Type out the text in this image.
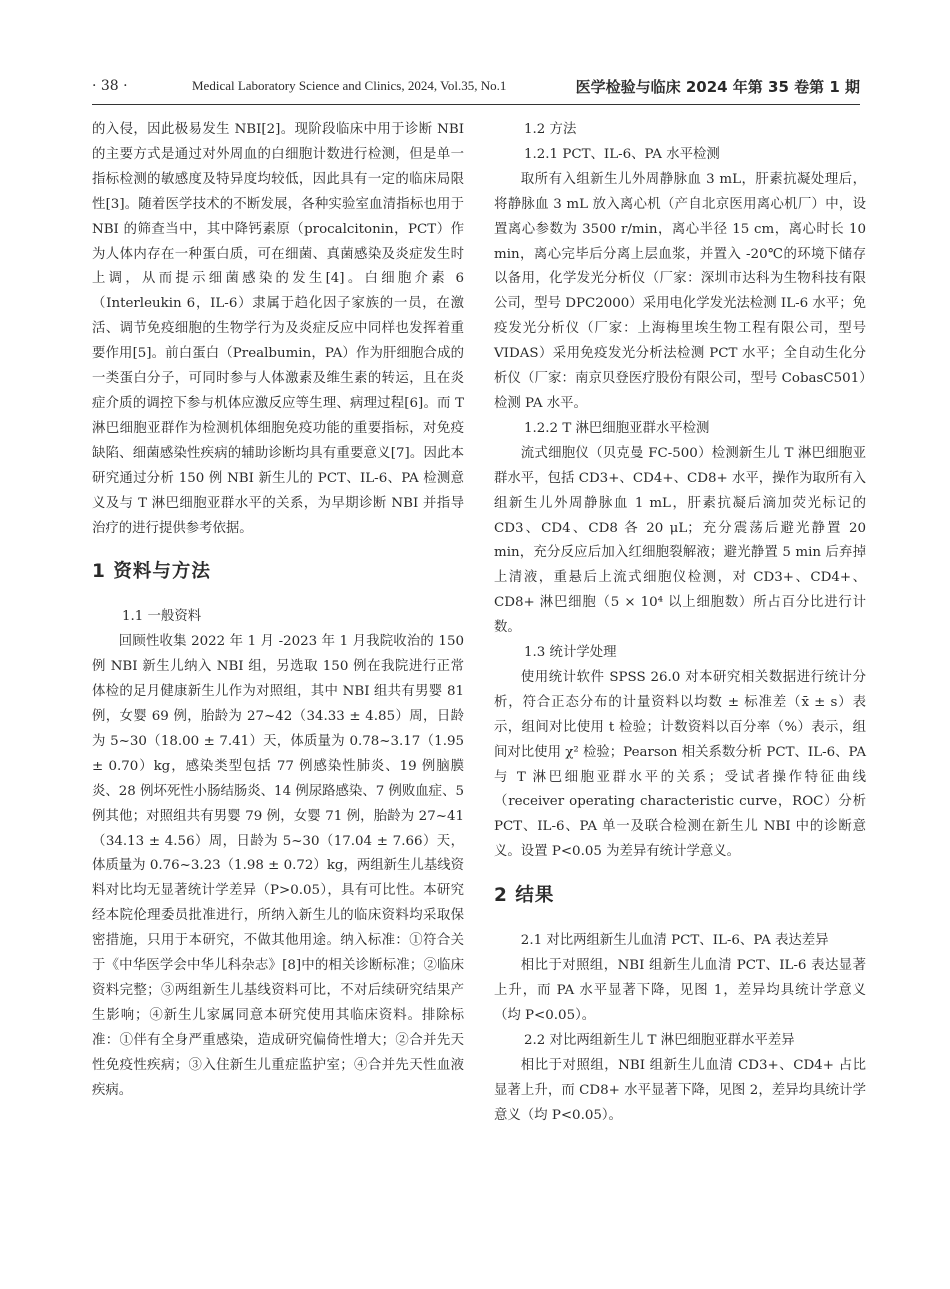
· 38 ·	Medical Laboratory Science and Clinics, 2024, Vol.35, No.1	医学检验与临床 2024 年第 35 卷第 1 期

的入侵，因此极易发生 NBI[2]。现阶段临床中用于诊断 NBI 的主要方式是通过对外周血的白细胞计数进行检测，但是单一指标检测的敏感度及特异度均较低，因此具有一定的临床局限性[3]。随着医学技术的不断发展，各种实验室血清指标也用于 NBI 的筛查当中，其中降钙素原（procalcitonin，PCT）作为人体内存在一种蛋白质，可在细菌、真菌感染及炎症发生时上调，从而提示细菌感染的发生[4]。白细胞介素 6（Interleukin 6，IL-6）隶属于趋化因子家族的一员，在激活、调节免疫细胞的生物学行为及炎症反应中同样也发挥着重要作用[5]。前白蛋白（Prealbumin，PA）作为肝细胞合成的一类蛋白分子，可同时参与人体激素及维生素的转运，且在炎症介质的调控下参与机体应激反应等生理、病理过程[6]。而 T 淋巴细胞亚群作为检测机体细胞免疫功能的重要指标，对免疫缺陷、细菌感染性疾病的辅助诊断均具有重要意义[7]。因此本研究通过分析 150 例 NBI 新生儿的 PCT、IL-6、PA 检测意义及与 T 淋巴细胞亚群水平的关系，为早期诊断 NBI 并指导治疗的进行提供参考依据。

1 资料与方法

1.1 一般资料

回顾性收集 2022 年 1 月 -2023 年 1 月我院收治的 150 例 NBI 新生儿纳入 NBI 组，另选取 150 例在我院进行正常体检的足月健康新生儿作为对照组，其中 NBI 组共有男婴 81 例，女婴 69 例，胎龄为 27~42（34.33 ± 4.85）周，日龄为 5~30（18.00 ± 7.41）天，体质量为 0.78~3.17（1.95 ± 0.70）kg，感染类型包括 77 例感染性肺炎、19 例脑膜炎、28 例坏死性小肠结肠炎、14 例尿路感染、7 例败血症、5 例其他；对照组共有男婴 79 例，女婴 71 例，胎龄为 27~41（34.13 ± 4.56）周，日龄为 5~30（17.04 ± 7.66）天，体质量为 0.76~3.23（1.98 ± 0.72）kg，两组新生儿基线资料对比均无显著统计学差异（P>0.05），具有可比性。本研究经本院伦理委员批准进行，所纳入新生儿的临床资料均采取保密措施，只用于本研究，不做其他用途。纳入标准：①符合关于《中华医学会中华儿科杂志》[8]中的相关诊断标准；②临床资料完整；③两组新生儿基线资料可比，不对后续研究结果产生影响；④新生儿家属同意本研究使用其临床资料。排除标准：①伴有全身严重感染，造成研究偏倚性增大；②合并先天性免疫性疾病；③入住新生儿重症监护室；④合并先天性血液疾病。

1.2 方法

1.2.1 PCT、IL-6、PA 水平检测

取所有入组新生儿外周静脉血 3 mL，肝素抗凝处理后，将静脉血 3 mL 放入离心机（产自北京医用离心机厂）中，设置离心参数为 3500 r/min，离心半径 15 cm，离心时长 10 min，离心完毕后分离上层血浆，并置入 -20℃的环境下储存以备用，化学发光分析仪（厂家：深圳市达科为生物科技有限公司，型号 DPC2000）采用电化学发光法检测 IL-6 水平；免疫发光分析仪（厂家：上海梅里埃生物工程有限公司，型号 VIDAS）采用免疫发光分析法检测 PCT 水平；全自动生化分析仪（厂家：南京贝登医疗股份有限公司，型号 CobasC501）检测 PA 水平。

1.2.2 T 淋巴细胞亚群水平检测

流式细胞仪（贝克曼 FC-500）检测新生儿 T 淋巴细胞亚群水平，包括 CD3+、CD4+、CD8+ 水平，操作为取所有入组新生儿外周静脉血 1 mL，肝素抗凝后滴加荧光标记的 CD3、CD4、CD8 各 20 μL；充分震荡后避光静置 20 min，充分反应后加入红细胞裂解液；避光静置 5 min 后弃掉上清液，重悬后上流式细胞仪检测，对 CD3+、CD4+、CD8+ 淋巴细胞（5 × 10⁴ 以上细胞数）所占百分比进行计数。

1.3 统计学处理

使用统计软件 SPSS 26.0 对本研究相关数据进行统计分析，符合正态分布的计量资料以均数 ± 标准差（x̄ ± s）表示，组间对比使用 t 检验；计数资料以百分率（%）表示，组间对比使用 χ² 检验；Pearson 相关系数分析 PCT、IL-6、PA 与 T 淋巴细胞亚群水平的关系；受试者操作特征曲线（receiver operating characteristic curve，ROC）分析 PCT、IL-6、PA 单一及联合检测在新生儿 NBI 中的诊断意义。设置 P<0.05 为差异有统计学意义。

2 结果

2.1 对比两组新生儿血清 PCT、IL-6、PA 表达差异

相比于对照组，NBI 组新生儿血清 PCT、IL-6 表达显著上升，而 PA 水平显著下降，见图 1，差异均具统计学意义（均 P<0.05）。

2.2 对比两组新生儿 T 淋巴细胞亚群水平差异

相比于对照组，NBI 组新生儿血清 CD3+、CD4+ 占比显著上升，而 CD8+ 水平显著下降，见图 2，差异均具统计学意义（均 P<0.05）。
